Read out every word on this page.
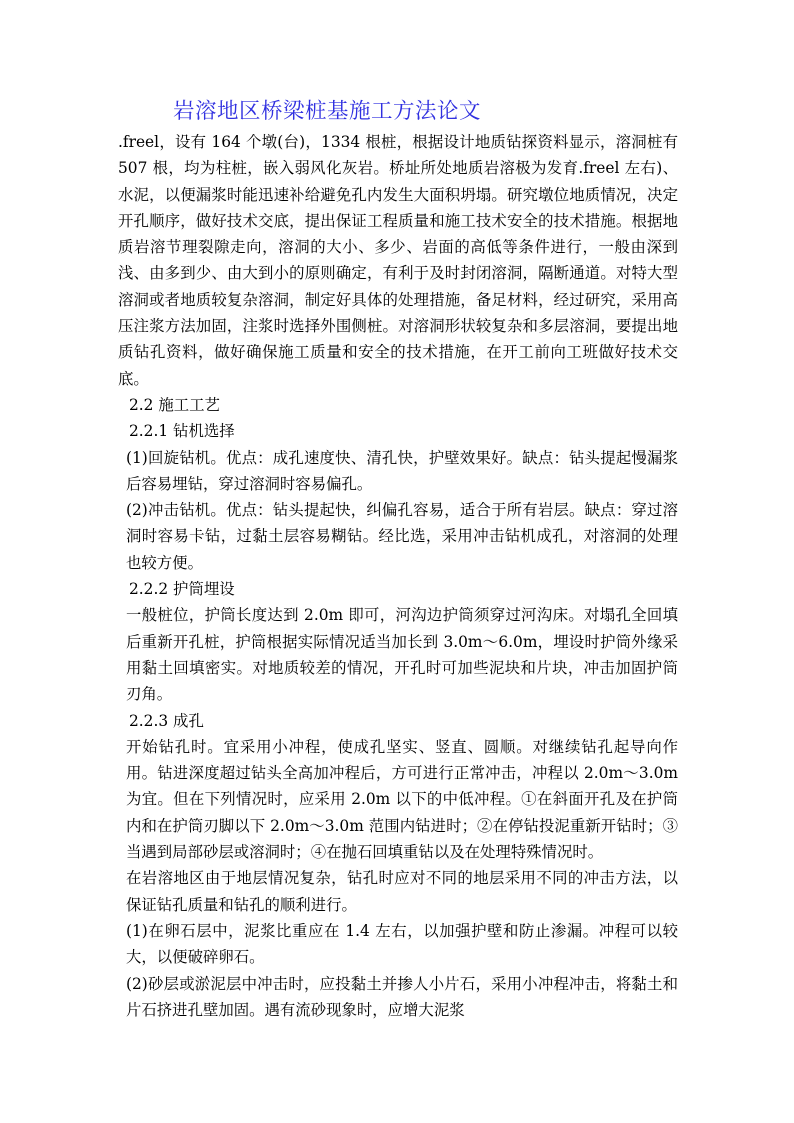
岩溶地区桥梁桩基施工方法论文

.freel，设有 164 个墩(台)，1334 根桩，根据设计地质钻探资料显示，溶洞桩有 507 根，均为柱桩，嵌入弱风化灰岩。桥址所处地质岩溶极为发育.freel 左右)、水泥，以便漏浆时能迅速补给避免孔内发生大面积坍塌。研究墩位地质情况，决定开孔顺序，做好技术交底，提出保证工程质量和施工技术安全的技术措施。根据地质岩溶节理裂隙走向，溶洞的大小、多少、岩面的高低等条件进行，一般由深到浅、由多到少、由大到小的原则确定，有利于及时封闭溶洞，隔断通道。对特大型溶洞或者地质较复杂溶洞，制定好具体的处理措施，备足材料，经过研究，采用高压注浆方法加固，注浆时选择外围侧桩。对溶洞形状较复杂和多层溶洞，要提出地质钻孔资料，做好确保施工质量和安全的技术措施，在开工前向工班做好技术交底。

2.2 施工工艺

2.2.1 钻机选择

(1)回旋钻机。优点：成孔速度快、清孔快，护壁效果好。缺点：钻头提起慢漏浆后容易埋钻，穿过溶洞时容易偏孔。

(2)冲击钻机。优点：钻头提起快，纠偏孔容易，适合于所有岩层。缺点：穿过溶洞时容易卡钻，过黏土层容易糊钻。经比选，采用冲击钻机成孔，对溶洞的处理也较方便。

2.2.2 护筒埋设

一般桩位，护筒长度达到 2.0m 即可，河沟边护筒须穿过河沟床。对塌孔全回填后重新开孔桩，护筒根据实际情况适当加长到 3.0m～6.0m，埋设时护筒外缘采用黏土回填密实。对地质较差的情况，开孔时可加些泥块和片块，冲击加固护筒刃角。

2.2.3 成孔

开始钻孔时。宜采用小冲程，使成孔坚实、竖直、圆顺。对继续钻孔起导向作用。钻进深度超过钻头全高加冲程后，方可进行正常冲击，冲程以 2.0m～3.0m 为宜。但在下列情况时，应采用 2.0m 以下的中低冲程。①在斜面开孔及在护筒内和在护筒刃脚以下 2.0m～3.0m 范围内钻进时；②在停钻投泥重新开钻时；③当遇到局部砂层或溶洞时；④在抛石回填重钻以及在处理特殊情况时。

在岩溶地区由于地层情况复杂，钻孔时应对不同的地层采用不同的冲击方法，以保证钻孔质量和钻孔的顺利进行。

(1)在卵石层中，泥浆比重应在 1.4 左右，以加强护壁和防止渗漏。冲程可以较大，以便破碎卵石。

(2)砂层或淤泥层中冲击时，应投黏土并掺人小片石，采用小冲程冲击，将黏土和片石挤进孔壁加固。遇有流砂现象时，应增大泥浆
